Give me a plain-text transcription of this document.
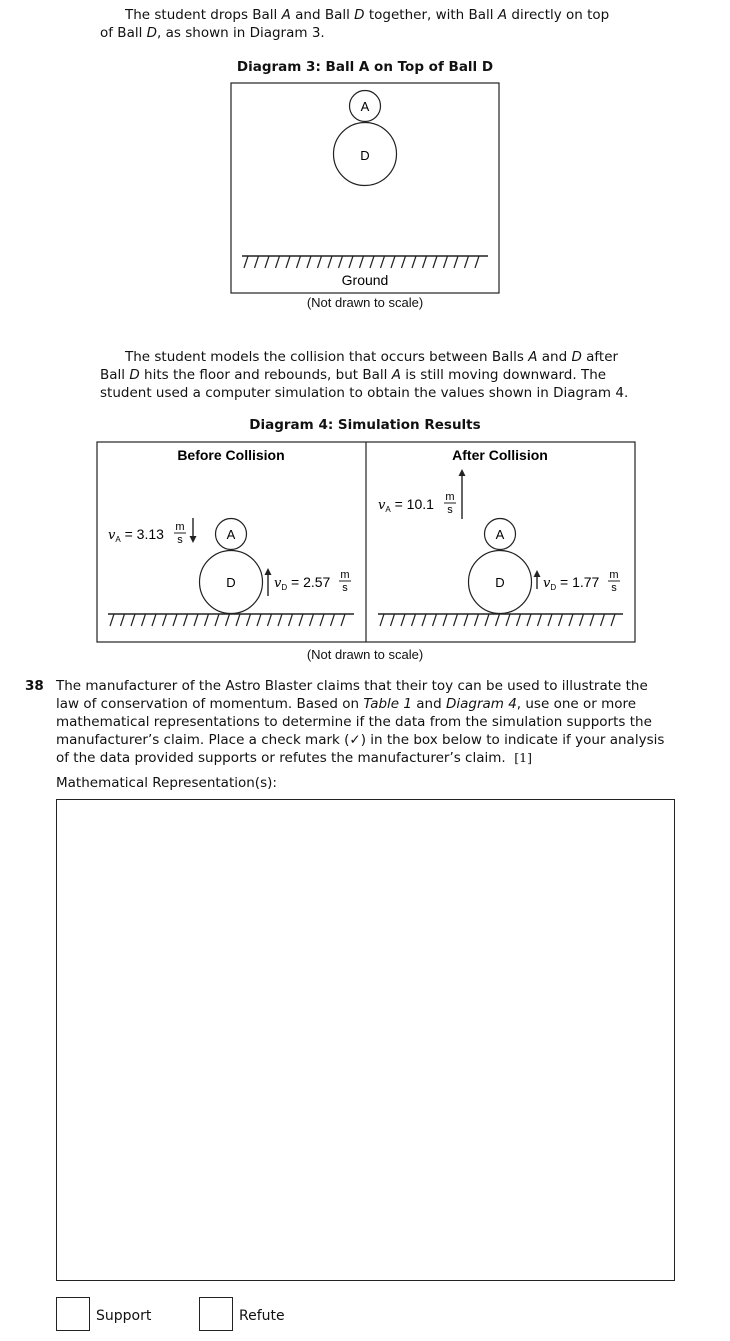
The student drops Ball A and Ball D together, with Ball A directly on top
of Ball D, as shown in Diagram 3.
Diagram 3: Ball A on Top of Ball D
A
D
Ground
(Not drawn to scale)
The student models the collision that occurs between Balls A and D after
Ball D hits the floor and rebounds, but Ball A is still moving downward. The
student used a computer simulation to obtain the values shown in Diagram 4.
Diagram 4: Simulation Results
Before Collision
$v_A = 3.13$ m
s	A
D	$v_D = 2.57$ m
s
After Collision
$v_A = 10.1$ m
s
A
D	$v_D = 1.77$ m
s
(Not drawn to scale)
38 The manufacturer of the Astro Blaster claims that their toy can be used to illustrate the
law of conservation of momentum. Based on Table 1 and Diagram 4, use one or more
mathematical representations to determine if the data from the simulation supports the
manufacturer’s claim. Place a check mark (✓) in the box below to indicate if your analysis
of the data provided supports or refutes the manufacturer’s claim. [1]
Mathematical Representation(s):
Support	Refute
